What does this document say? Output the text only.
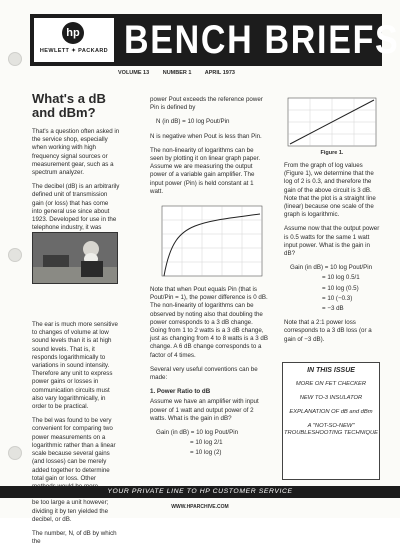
hp
HEWLETT ✦ PACKARD BENCH BRIEFS
VOLUME 13 NUMBER 1 APRIL 1973
What's a dB and dBm?

That's a question often asked in the service shop, especially when working with high frequency signal sources or measurement gear, such as a spectrum analyzer.

The decibel (dB) is an arbitrarily defined unit of transmission gain (or loss) that has come into general use since about 1923. Developed for use in the telephone industry, it was

The ear is much more sensitive to changes of volume at low sound levels than it is at high sound levels. That is, it responds logarithmically to variations in sound intensity. Therefore any unit to express power gains or losses in communication circuits must also vary logarithmically, in order to be practical.

The bel was found to be very convenient for comparing two power measurements on a logarithmic rather than a linear scale because several gains (and losses) can be merely added together to determine total gain or loss. Other be too large a unit however; dividing it by ten yielded the decibel, or dB.

The number, N, of dB by which the

power Pout exceeds the reference power Pin is defined by

N (in dB) = 10 log Pout/Pin

N is negative when Pout is less than Pin.

The non-linearity of logarithms can be seen by plotting it on linear graph paper. Assume we are measuring the output power of a variable gain amplifier. The input power (Pin) is held constant at 1 watt.

Note that when Pout equals Pin (that is Pout/Pin = 1), the power difference is 0 dB. The non-linearity of logarithms can be observed by noting also that doubling the power corresponds to a 3 dB change. Going from 1 to 2 watts is a 3 dB change, just as changing from 4 to 8 watts is a 3 dB change. A 6 dB change corresponds to a factor of 4 times.

Several very useful conventions can be made:

1. Power Ratio to dB

Assume we have an amplifier with input power of 1 watt and output power of 2 watts. What is the gain in dB?

Gain (in dB) = 10 log Pout/Pin

= 10 log 2/1

= 10 log (2)

Figure 1.

From the graph of log values (Figure 1), we determine that the log of 2 is 0.3, and therefore the gain of the above circuit is 3 dB. Note that the plot is a straight line (linear) because one scale of the graph is logarithmic.

Assume now that the output power is 0.5 watts for the same 1 watt input power. What is the gain in dB?

Gain (in dB) = 10 log Pout/Pin

= 10 log 0.5/1

= 10 log (0.5)

= 10 (−0.3)

= −3 dB

Note that a 2:1 power loss corresponds to a 3 dB loss (or a gain of −3 dB).

IN THIS ISSUE
MORE ON FET CHECKER
NEW TO-3 INSULATOR
EXPLANATION OF dB and dBm
A "NOT-SO-NEW" TROUBLESHOOTING TECHNIQUE
YOUR PRIVATE LINE TO HP CUSTOMER SERVICE
WWW.HPARCHIVE.COM
